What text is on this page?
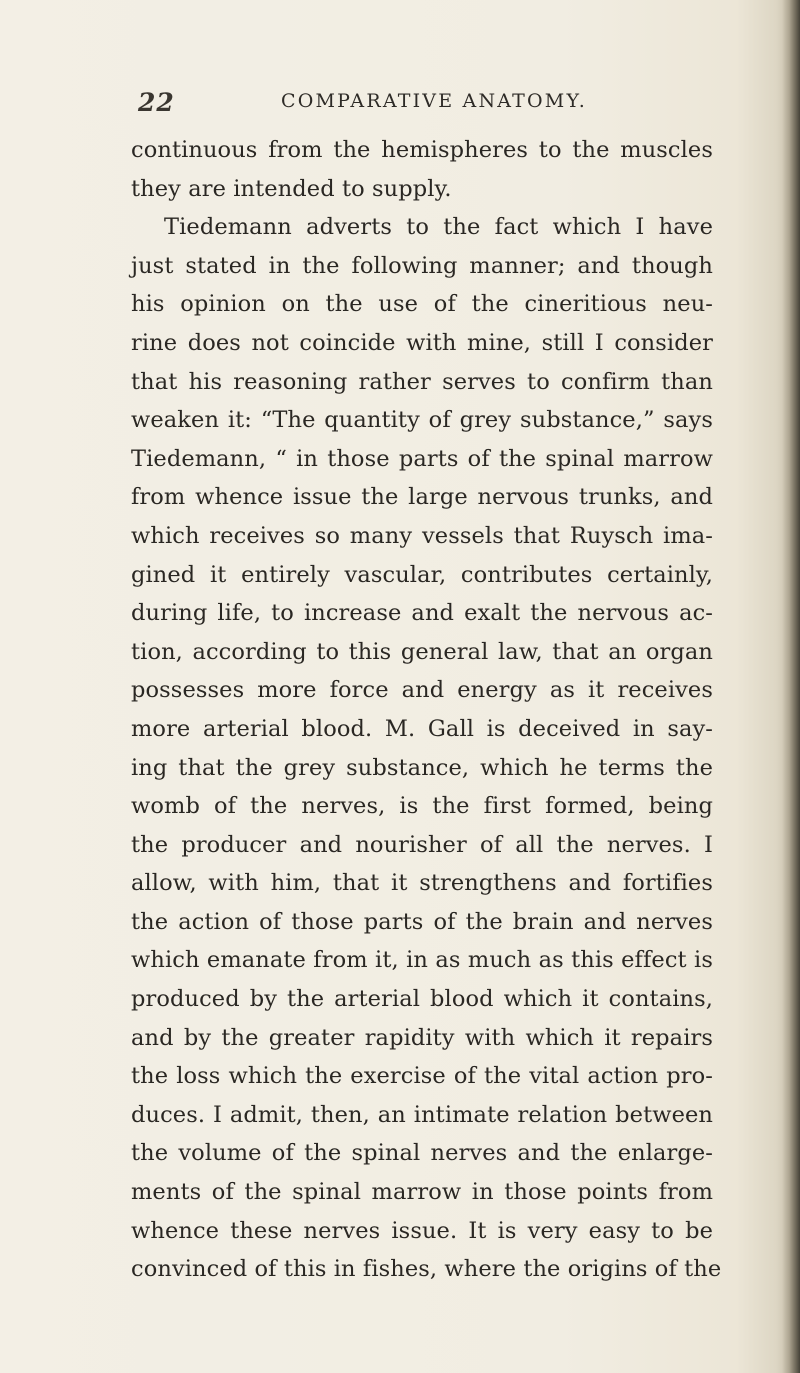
22	COMPARATIVE ANATOMY.
continuous from the hemispheres to the muscles
they are intended to supply.
Tiedemann adverts to the fact which I have
just stated in the following manner; and though
his opinion on the use of the cineritious neu-
rine does not coincide with mine, still I consider
that his reasoning rather serves to confirm than
weaken it: “The quantity of grey substance,” says
Tiedemann, “ in those parts of the spinal marrow
from whence issue the large nervous trunks, and
which receives so many vessels that Ruysch ima-
gined it entirely vascular, contributes certainly,
during life, to increase and exalt the nervous ac-
tion, according to this general law, that an organ
possesses more force and energy as it receives
more arterial blood. M. Gall is deceived in say-
ing that the grey substance, which he terms the
womb of the nerves, is the first formed, being
the producer and nourisher of all the nerves. I
allow, with him, that it strengthens and fortifies
the action of those parts of the brain and nerves
which emanate from it, in as much as this effect is
produced by the arterial blood which it contains,
and by the greater rapidity with which it repairs
the loss which the exercise of the vital action pro-
duces. I admit, then, an intimate relation between
the volume of the spinal nerves and the enlarge-
ments of the spinal marrow in those points from
whence these nerves issue. It is very easy to be
convinced of this in fishes, where the origins of the
